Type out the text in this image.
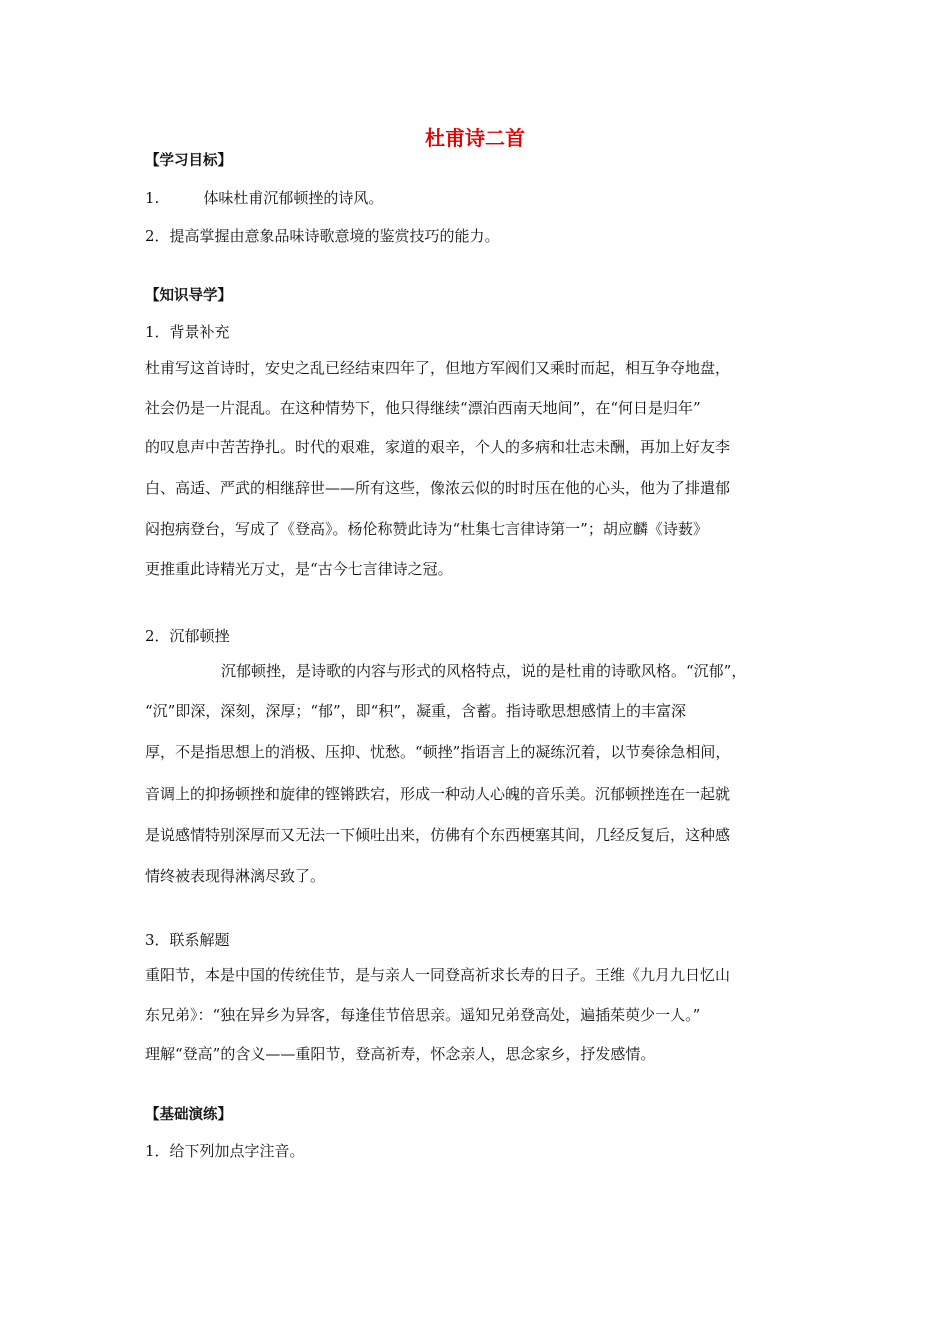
杜甫诗二首
【学习目标】
1.	体味杜甫沉郁顿挫的诗风。
2．提高掌握由意象品味诗歌意境的鉴赏技巧的能力。
【知识导学】
1．背景补充
杜甫写这首诗时，安史之乱已经结束四年了，但地方军阀们又乘时而起，相互争夺地盘，
社会仍是一片混乱。在这种情势下，他只得继续“漂泊西南天地间”，在“何日是归年”
的叹息声中苦苦挣扎。时代的艰难，家道的艰辛，个人的多病和壮志未酬，再加上好友李
白、高适、严武的相继辞世——所有这些，像浓云似的时时压在他的心头，他为了排遣郁
闷抱病登台，写成了《登高》。杨伦称赞此诗为“杜集七言律诗第一”；胡应麟《诗薮》
更推重此诗精光万丈，是“古今七言律诗之冠。
2．沉郁顿挫
沉郁顿挫，是诗歌的内容与形式的风格特点，说的是杜甫的诗歌风格。“沉郁”，
“沉”即深，深刻，深厚；“郁”，即“积”，凝重，含蓄。指诗歌思想感情上的丰富深
厚，不是指思想上的消极、压抑、忧愁。“顿挫”指语言上的凝练沉着，以节奏徐急相间，
音调上的抑扬顿挫和旋律的铿锵跌宕，形成一种动人心魄的音乐美。沉郁顿挫连在一起就
是说感情特别深厚而又无法一下倾吐出来，仿佛有个东西梗塞其间，几经反复后，这种感
情终被表现得淋漓尽致了。
3．联系解题
重阳节，本是中国的传统佳节，是与亲人一同登高祈求长寿的日子。王维《九月九日忆山
东兄弟》：“独在异乡为异客，每逢佳节倍思亲。遥知兄弟登高处，遍插茱萸少一人。”
理解“登高”的含义——重阳节，登高祈寿，怀念亲人，思念家乡，抒发感情。
【基础演练】
1．给下列加点字注音。
